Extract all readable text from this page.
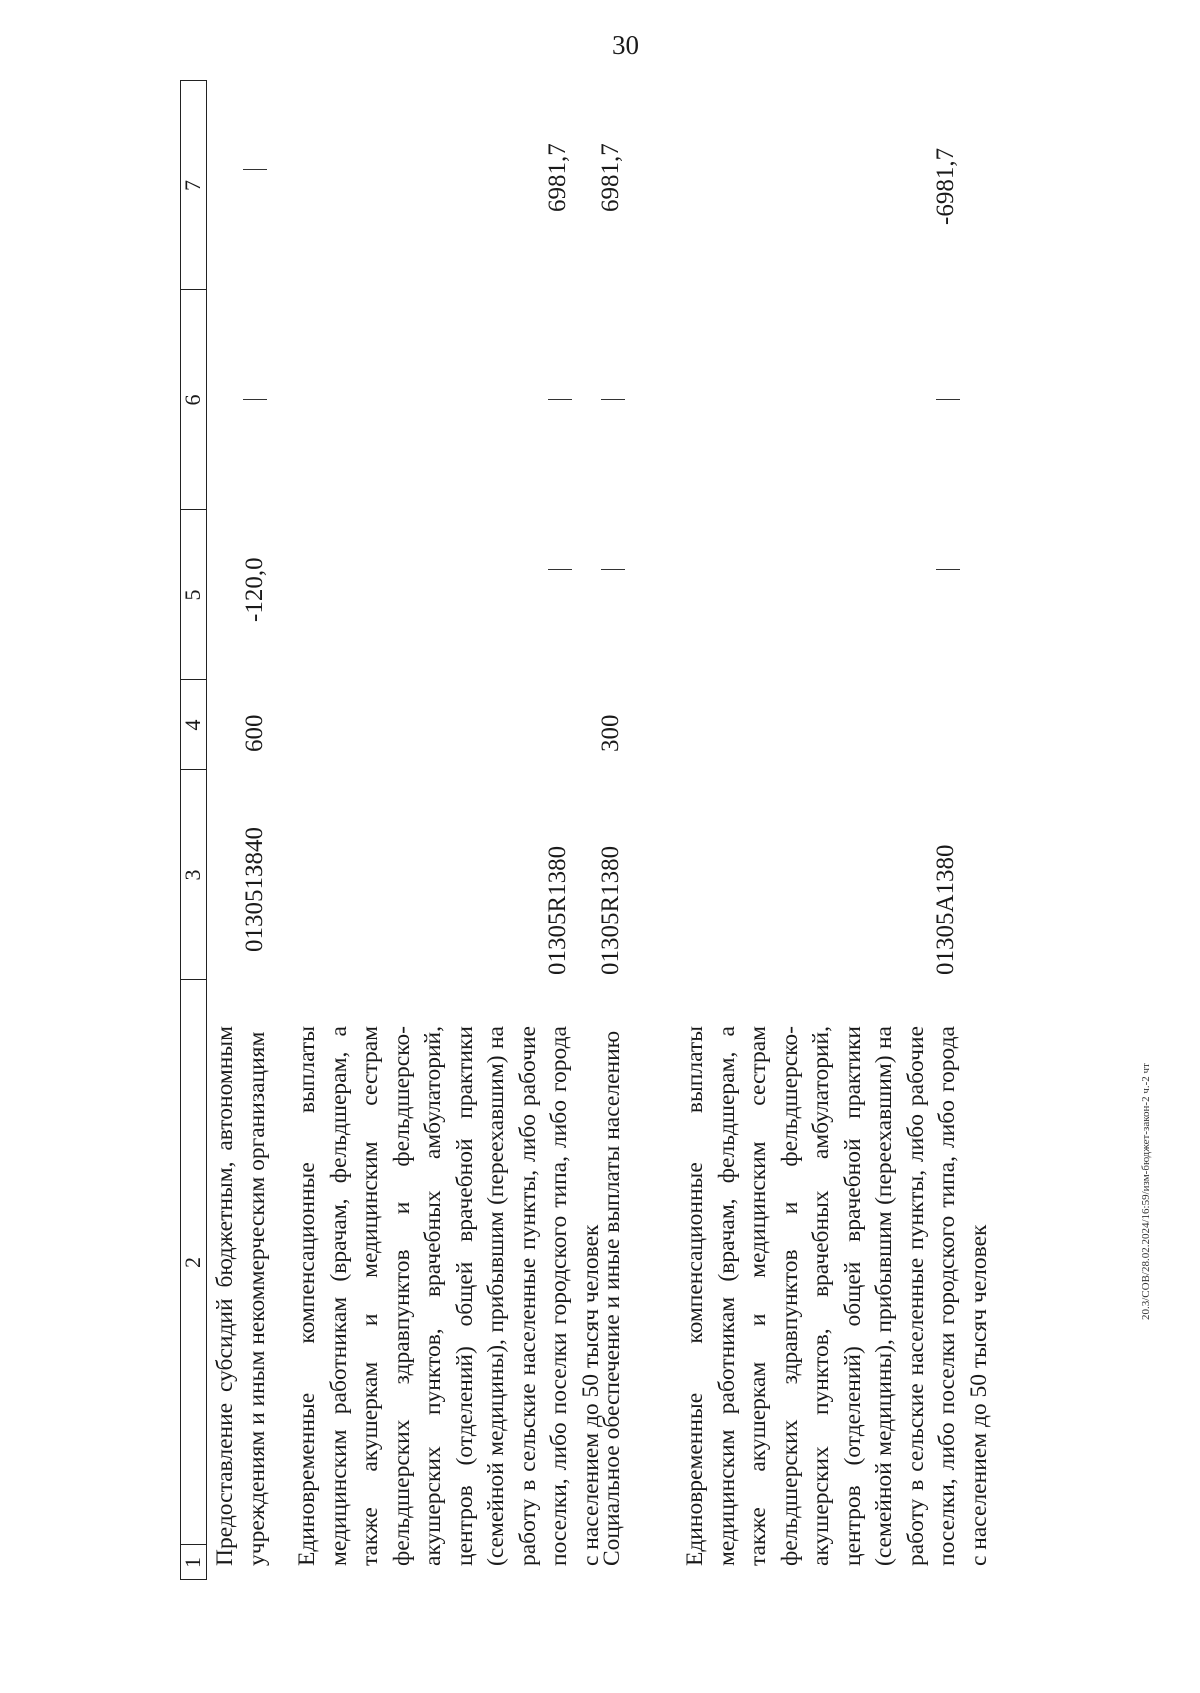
30
20.3/СОВ/28.02.2024/16:59/изм-бюджет-закон-2 ч.-2 чт
1
2
3
4
5
6
7
Предоставление субсидий бюджетным, автономным учреждениям и иным некоммерческим организациям
013051З840
600
-120,0
Единовременные компенсационные выплаты медицинским работникам (врачам, фельдшерам, а также акушеркам и медицинским сестрам фельдшерских здравпунктов и фельдшерско-акушерских пунктов, врачебных амбулаторий, центров (отделений) общей врачебной практики (семейной медицины), прибывшим (переехавшим) на работу в сельские населенные пункты, либо рабочие поселки, либо поселки городского типа, либо города с населением до 50 тысяч человек
01305R1380
6981,7
Социальное обеспечение и иные выплаты населению
01305R1380
300
6981,7
Единовременные компенсационные выплаты медицинским работникам (врачам, фельдшерам, а также акушеркам и медицинским сестрам фельдшерских здравпунктов и фельдшерско-акушерских пунктов, врачебных амбулаторий, центров (отделений) общей врачебной практики (семейной медицины), прибывшим (переехавшим) на работу в сельские населенные пункты, либо рабочие поселки, либо поселки городского типа, либо города с населением до 50 тысяч человек
01305A1380
-6981,7
